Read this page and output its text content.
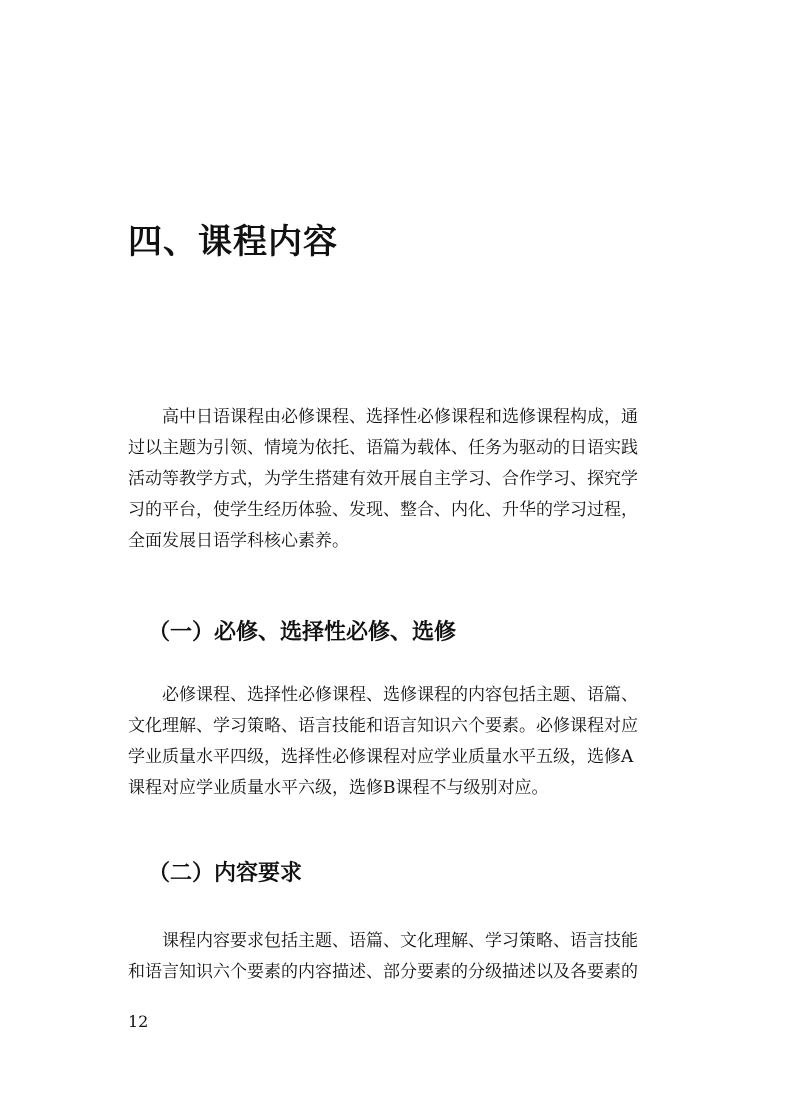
四、课程内容

高中日语课程由必修课程、选择性必修课程和选修课程构成，通
过以主题为引领、情境为依托、语篇为载体、任务为驱动的日语实践
活动等教学方式，为学生搭建有效开展自主学习、合作学习、探究学
习的平台，使学生经历体验、发现、整合、内化、升华的学习过程，
全面发展日语学科核心素养。

（一）必修、选择性必修、选修

必修课程、选择性必修课程、选修课程的内容包括主题、语篇、
文化理解、学习策略、语言技能和语言知识六个要素。必修课程对应
学业质量水平四级，选择性必修课程对应学业质量水平五级，选修A
课程对应学业质量水平六级，选修B课程不与级别对应。

（二）内容要求

课程内容要求包括主题、语篇、文化理解、学习策略、语言技能
和语言知识六个要素的内容描述、部分要素的分级描述以及各要素的

12
